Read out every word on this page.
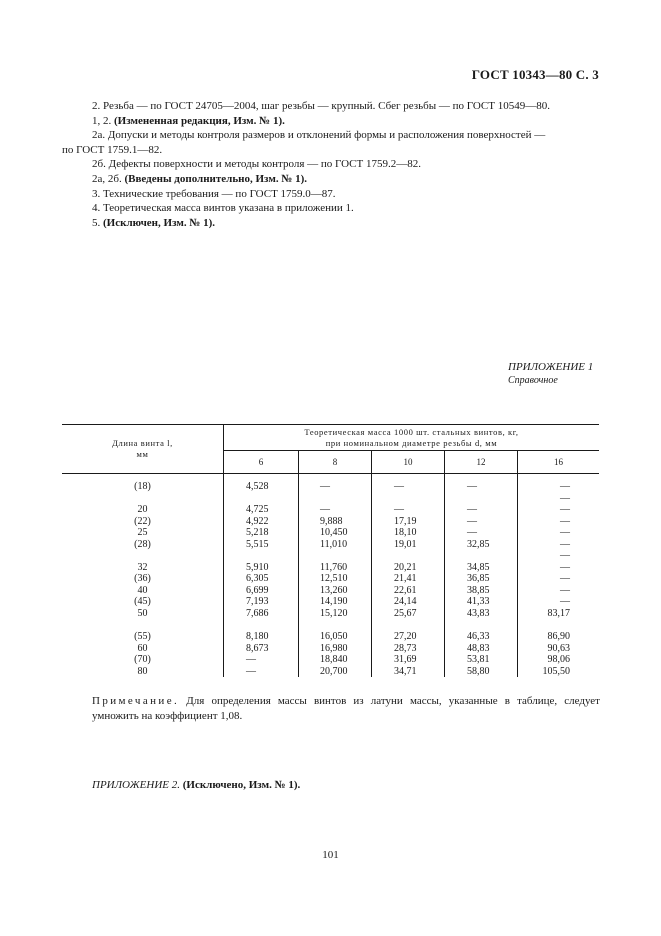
ГОСТ 10343—80 С. 3

2. Резьба — по ГОСТ 24705—2004, шаг резьбы — крупный. Сбег резьбы — по ГОСТ 10549—80.

1, 2. (Измененная редакция, Изм. № 1).

2а. Допуски и методы контроля размеров и отклонений формы и расположения поверхностей —
по ГОСТ 1759.1—82.

2б. Дефекты поверхности и методы контроля — по ГОСТ 1759.2—82.

2а, 2б. (Введены дополнительно, Изм. № 1).

3. Технические требования — по ГОСТ 1759.0—87.

4. Теоретическая масса винтов указана в приложении 1.

5. (Исключен, Изм. № 1).

ПРИЛОЖЕНИЕ 1
Справочное
Длина винта l,
мм	Теоретическая масса 1000 шт. стальных винтов, кг,
при номинальном диаметре резьбы d, мм				
	6	8	10	12	16
(18)	4,528	—	—	—	—
					—
20	4,725	—	—	—	—
(22)	4,922	9,888	17,19	—	—
25	5,218	10,450	18,10	—	—
(28)	5,515	11,010	19,01	32,85	—
					—
32	5,910	11,760	20,21	34,85	—
(36)	6,305	12,510	21,41	36,85	—
40	6,699	13,260	22,61	38,85	—
(45)	7,193	14,190	24,14	41,33	—
50	7,686	15,120	25,67	43,83	83,17

(55)	8,180	16,050	27,20	46,33	86,90
60	8,673	16,980	28,73	48,83	90,63
(70)	—	18,840	31,69	53,81	98,06
80	—	20,700	34,71	58,80	105,50
Примечание. Для определения массы винтов из латуни массы, указанные в таблице, следует умножить на коэффициент 1,08.
ПРИЛОЖЕНИЕ 2. (Исключено, Изм. № 1).
101
